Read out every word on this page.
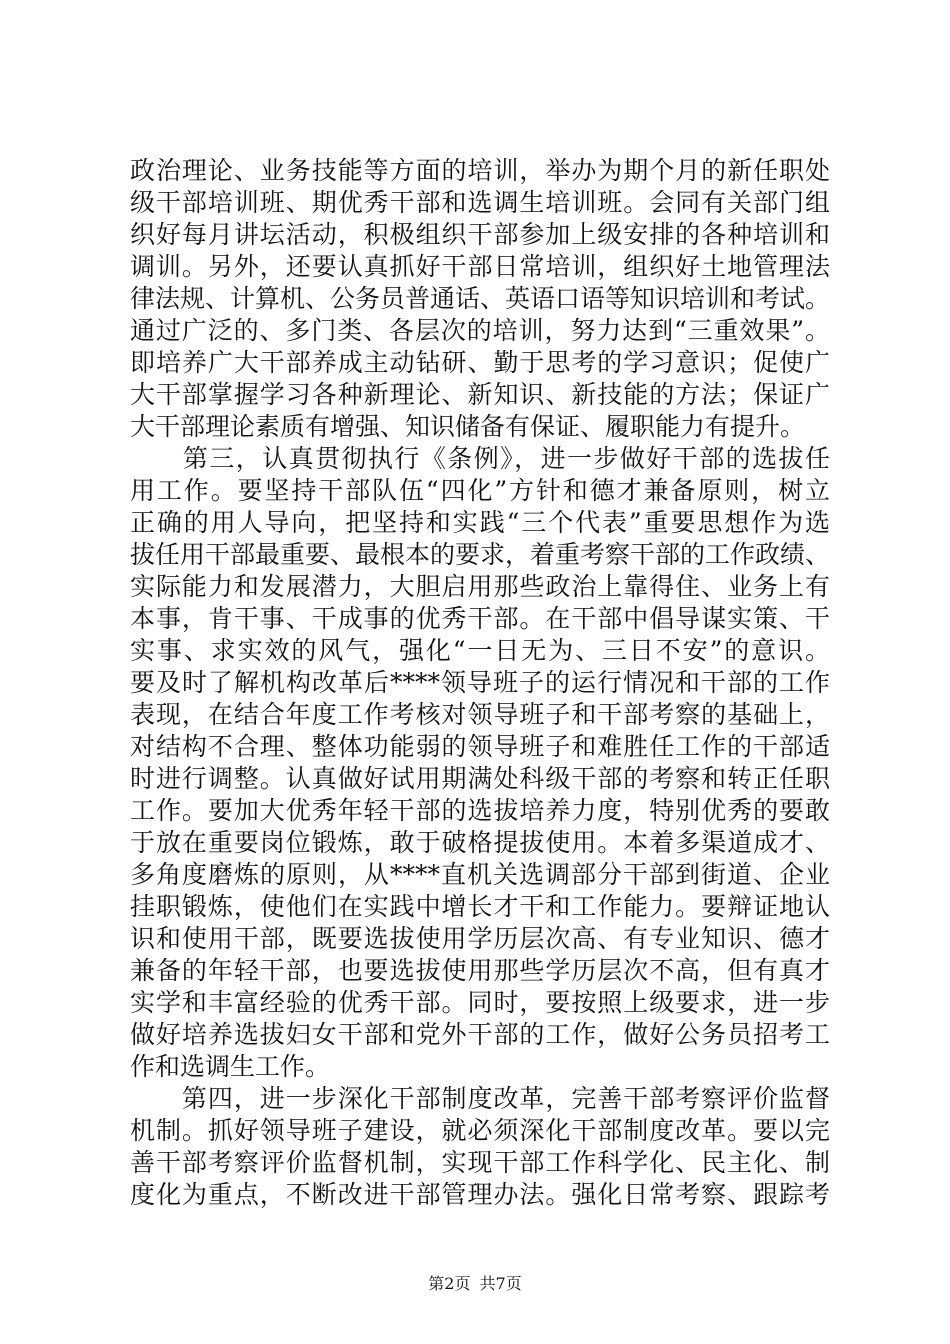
政治理论、业务技能等方面的培训，举办为期个月的新任职处
级干部培训班、期优秀干部和选调生培训班。会同有关部门组
织好每月讲坛活动，积极组织干部参加上级安排的各种培训和
调训。另外，还要认真抓好干部日常培训，组织好土地管理法
律法规、计算机、公务员普通话、英语口语等知识培训和考试。
通过广泛的、多门类、各层次的培训，努力达到“三重效果”。
即培养广大干部养成主动钻研、勤于思考的学习意识；促使广
大干部掌握学习各种新理论、新知识、新技能的方法；保证广
大干部理论素质有增强、知识储备有保证、履职能力有提升。
　　第三，认真贯彻执行《条例》，进一步做好干部的选拔任
用工作。要坚持干部队伍“四化”方针和德才兼备原则，树立
正确的用人导向，把坚持和实践“三个代表”重要思想作为选
拔任用干部最重要、最根本的要求，着重考察干部的工作政绩、
实际能力和发展潜力，大胆启用那些政治上靠得住、业务上有
本事，肯干事、干成事的优秀干部。在干部中倡导谋实策、干
实事、求实效的风气，强化“一日无为、三日不安”的意识。
要及时了解机构改革后****领导班子的运行情况和干部的工作
表现，在结合年度工作考核对领导班子和干部考察的基础上，
对结构不合理、整体功能弱的领导班子和难胜任工作的干部适
时进行调整。认真做好试用期满处科级干部的考察和转正任职
工作。要加大优秀年轻干部的选拔培养力度，特别优秀的要敢
于放在重要岗位锻炼，敢于破格提拔使用。本着多渠道成才、
多角度磨炼的原则，从****直机关选调部分干部到街道、企业
挂职锻炼，使他们在实践中增长才干和工作能力。要辩证地认
识和使用干部，既要选拔使用学历层次高、有专业知识、德才
兼备的年轻干部，也要选拔使用那些学历层次不高，但有真才
实学和丰富经验的优秀干部。同时，要按照上级要求，进一步
做好培养选拔妇女干部和党外干部的工作，做好公务员招考工
作和选调生工作。
　　第四，进一步深化干部制度改革，完善干部考察评价监督
机制。抓好领导班子建设，就必须深化干部制度改革。要以完
善干部考察评价监督机制，实现干部工作科学化、民主化、制
度化为重点，不断改进干部管理办法。强化日常考察、跟踪考
第2页 共7页
